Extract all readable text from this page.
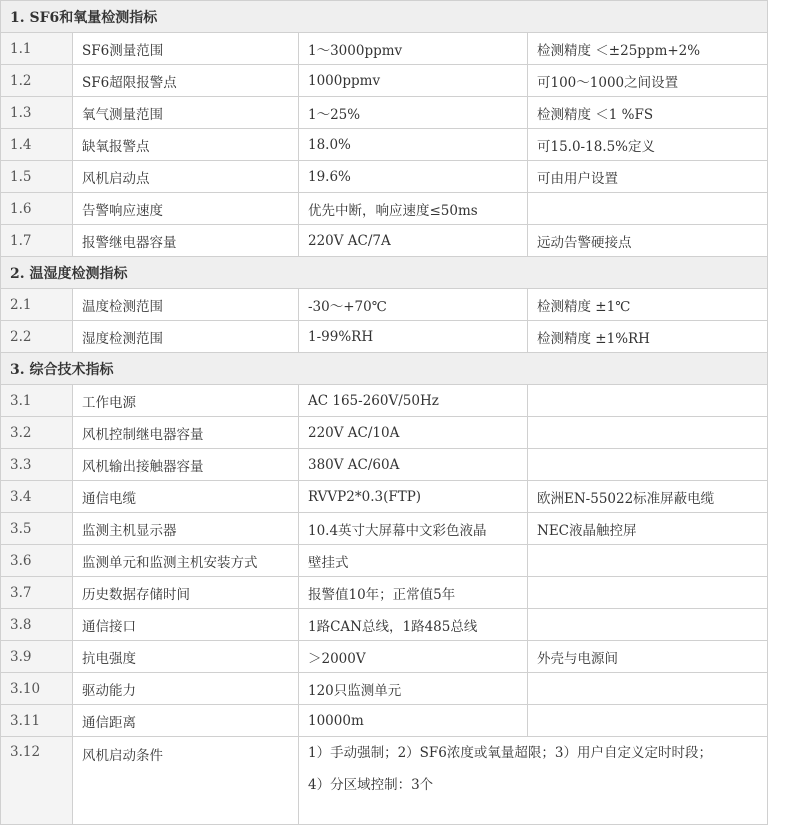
1. SF6和氧量检测指标			
1.1	SF6测量范围	1～3000ppmv	检测精度 ＜±25ppm+2%
1.2	SF6超限报警点	1000ppmv	可100～1000之间设置
1.3	氧气测量范围	1～25%	检测精度 ＜1 %FS
1.4	缺氧报警点	18.0%	可15.0-18.5%定义
1.5	风机启动点	19.6%	可由用户设置
1.6	告警响应速度	优先中断，响应速度≤50ms	
1.7	报警继电器容量	220V AC/7A	远动告警硬接点
2. 温湿度检测指标			
2.1	温度检测范围	-30～+70℃	检测精度 ±1℃
2.2	湿度检测范围	1-99%RH	检测精度 ±1%RH
3. 综合技术指标			
3.1	工作电源	AC 165-260V/50Hz	
3.2	风机控制继电器容量	220V AC/10A	
3.3	风机输出接触器容量	380V AC/60A	
3.4	通信电缆	RVVP2*0.3(FTP)	欧洲EN-55022标准屏蔽电缆
3.5	监测主机显示器	10.4英寸大屏幕中文彩色液晶	NEC液晶触控屏
3.6	监测单元和监测主机安装方式	壁挂式	
3.7	历史数据存储时间	报警值10年；正常值5年	
3.8	通信接口	1路CAN总线，1路485总线	
3.9	抗电强度	＞2000V	外壳与电源间
3.10	驱动能力	120只监测单元	
3.11	通信距离	10000m	
3.12	风机启动条件	1）手动强制；2）SF6浓度或氧量超限；3）用户自定义定时时段；
4）分区域控制：3个	
